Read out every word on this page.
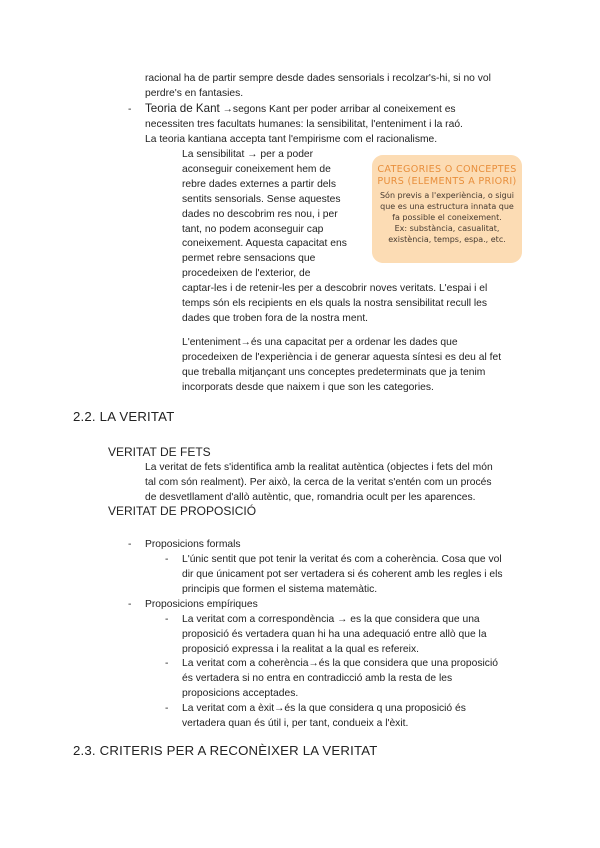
racional ha de partir sempre desde dades sensorials i recolzar's-hi, si no vol

perdre's en fantasies.

- Teoria de Kant →segons Kant per poder arribar al coneixement es

necessiten tres facultats humanes: la sensibilitat, l'enteniment i la raó.

La teoria kantiana accepta tant l'empirisme com el racionalisme.

La sensibilitat → per a poder

aconseguir coneixement hem de

rebre dades externes a partir dels

sentits sensorials. Sense aquestes

dades no descobrim res nou, i per

tant, no podem aconseguir cap

coneixement. Aquesta capacitat ens

permet rebre sensacions que

procedeixen de l'exterior, de

captar-les i de retenir-les per a descobrir noves veritats. L'espai i el

temps són els recipients en els quals la nostra sensibilitat recull les

dades que troben fora de la nostra ment.

CATEGORIES O CONCEPTES
PURS (ELEMENTS A PRIORI)
Són previs a l'experiència, o sigui
que es una estructura innata que
fa possible el coneixement.
Ex: substància, casualitat,
existència, temps, espa., etc.

L'enteniment→és una capacitat per a ordenar les dades que

procedeixen de l'experiència i de generar aquesta síntesi es deu al fet

que treballa mitjançant uns conceptes predeterminats que ja tenim

incorporats desde que naixem i que son les categories.

2.2. LA VERITAT

VERITAT DE FETS

La veritat de fets s'identifica amb la realitat autèntica (objectes i fets del món

tal com són realment). Per això, la cerca de la veritat s'entén com un procés

de desvetllament d'allò autèntic, que, romandria ocult per les aparences.

VERITAT DE PROPOSICIÓ

- Proposicions formals

- L'únic sentit que pot tenir la veritat és com a coherència. Cosa que vol

dir que únicament pot ser vertadera si és coherent amb les regles i els

principis que formen el sistema matemàtic.

- Proposicions empíriques

- La veritat com a correspondència → es la que considera que una

proposició és vertadera quan hi ha una adequació entre allò que la

proposició expressa i la realitat a la qual es refereix.

- La veritat com a coherència→és la que considera que una proposició

és vertadera si no entra en contradicció amb la resta de les

proposicions acceptades.

- La veritat com a èxit→és la que considera q una proposició és

vertadera quan és útil i, per tant, condueix a l'èxit.

2.3. CRITERIS PER A RECONÈIXER LA VERITAT
